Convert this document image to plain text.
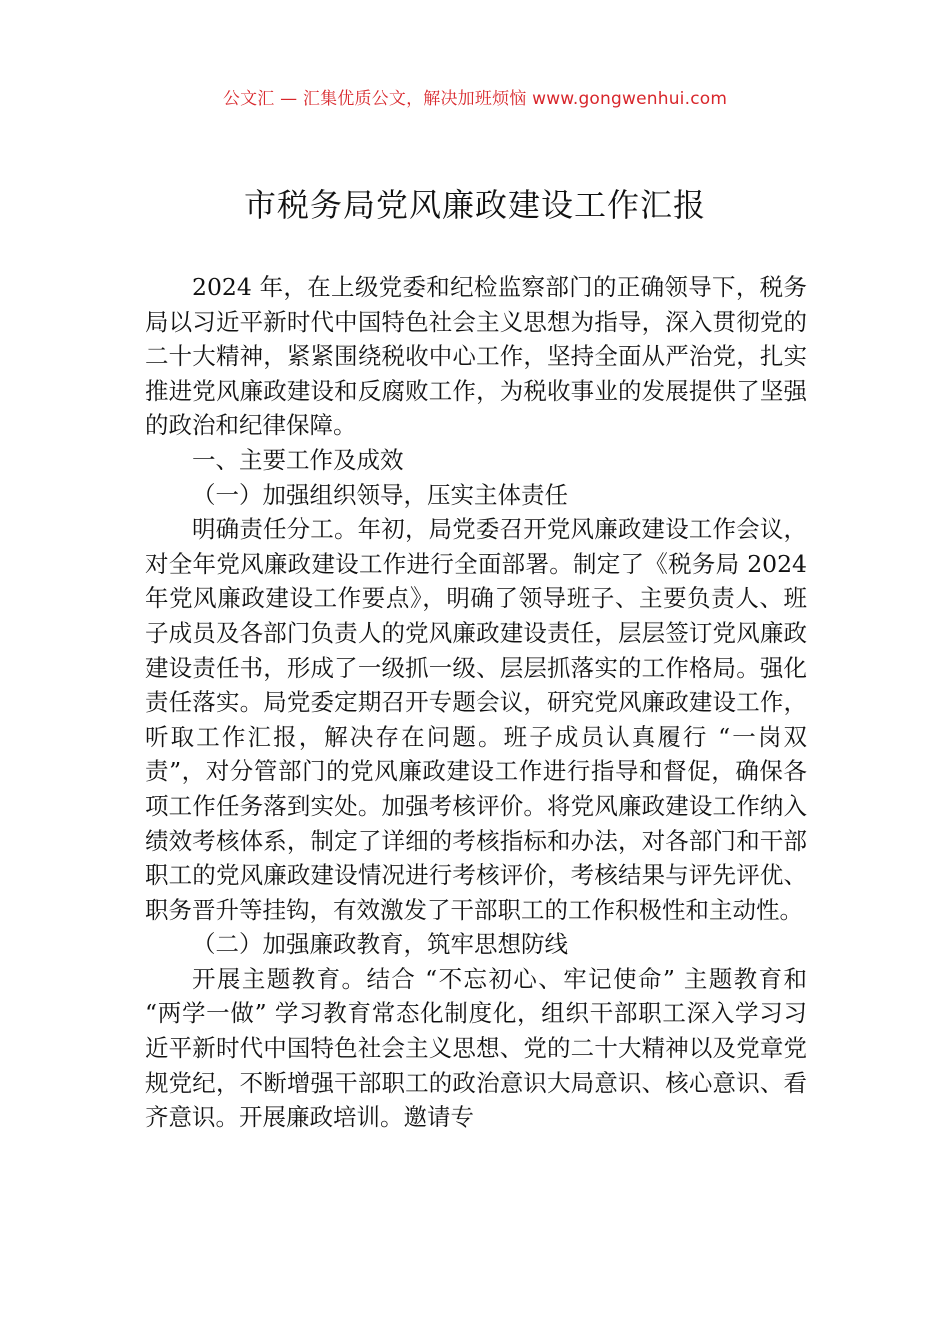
公文汇 — 汇集优质公文，解决加班烦恼 www.gongwenhui.com
市税务局党风廉政建设工作汇报

2024 年，在上级党委和纪检监察部门的正确领导下，税务局以习近平新时代中国特色社会主义思想为指导，深入贯彻党的二十大精神，紧紧围绕税收中心工作，坚持全面从严治党，扎实推进党风廉政建设和反腐败工作，为税收事业的发展提供了坚强的政治和纪律保障。

一、主要工作及成效

（一）加强组织领导，压实主体责任

明确责任分工。年初，局党委召开党风廉政建设工作会议，对全年党风廉政建设工作进行全面部署。制定了《税务局 2024 年党风廉政建设工作要点》，明确了领导班子、主要负责人、班子成员及各部门负责人的党风廉政建设责任，层层签订党风廉政建设责任书，形成了一级抓一级、层层抓落实的工作格局。强化责任落实。局党委定期召开专题会议，研究党风廉政建设工作，听取工作汇报，解决存在问题。班子成员认真履行 “一岗双责”，对分管部门的党风廉政建设工作进行指导和督促，确保各项工作任务落到实处。加强考核评价。将党风廉政建设工作纳入绩效考核体系，制定了详细的考核指标和办法，对各部门和干部职工的党风廉政建设情况进行考核评价，考核结果与评先评优、职务晋升等挂钩，有效激发了干部职工的工作积极性和主动性。

（二）加强廉政教育，筑牢思想防线

开展主题教育。结合 “不忘初心、牢记使命” 主题教育和 “两学一做” 学习教育常态化制度化，组织干部职工深入学习习近平新时代中国特色社会主义思想、党的二十大精神以及党章党规党纪，不断增强干部职工的政治意识大局意识、核心意识、看齐意识。开展廉政培训。邀请专
